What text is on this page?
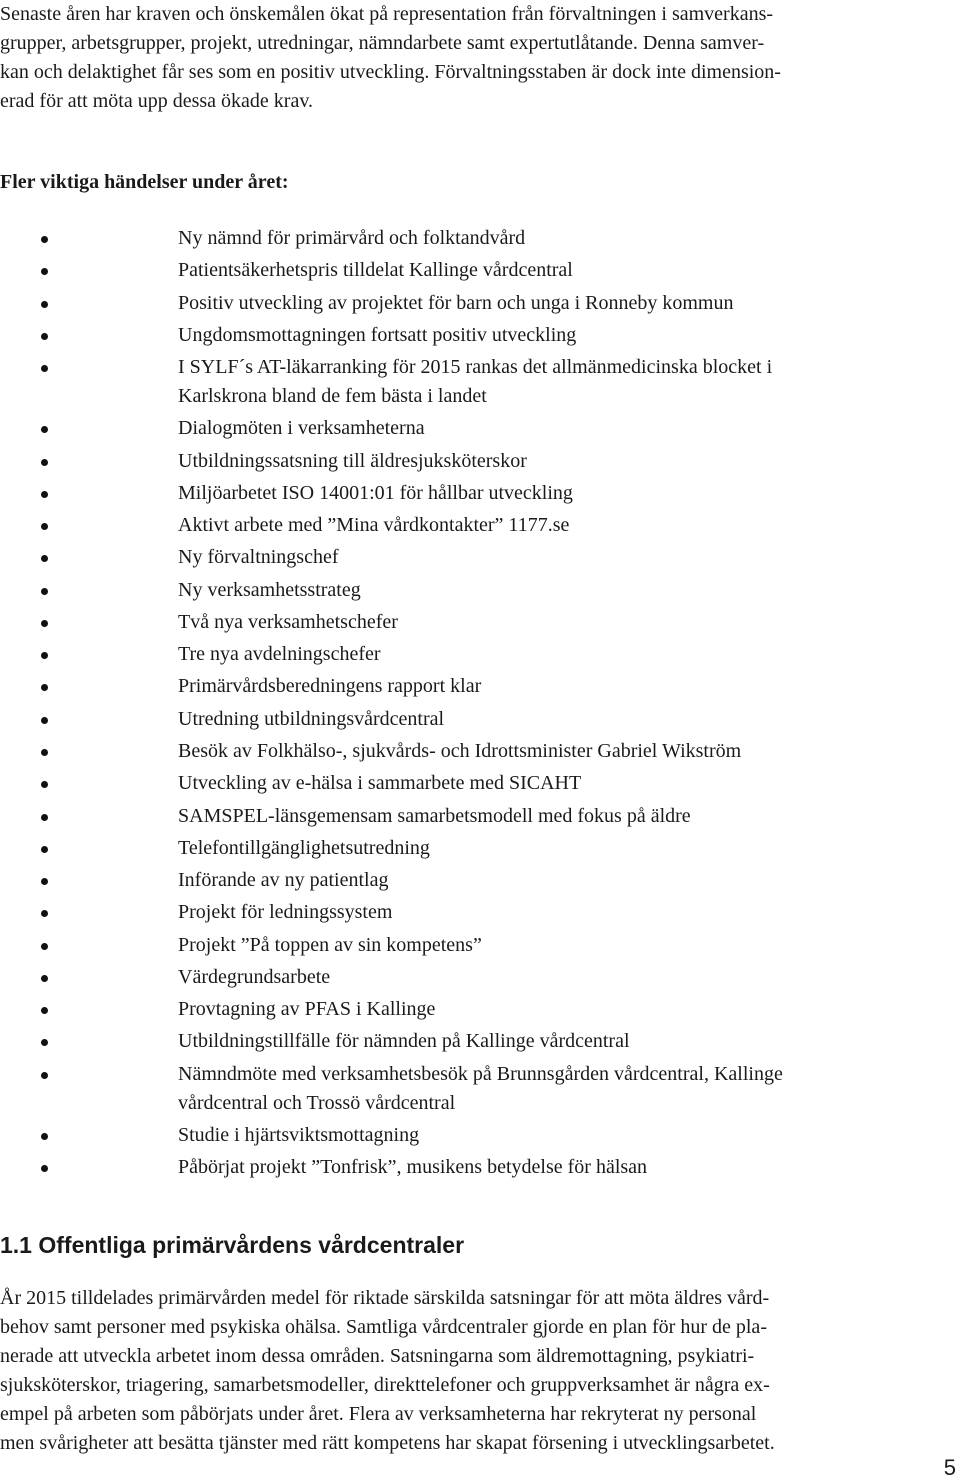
Senaste åren har kraven och önskemålen ökat på representation från förvaltningen i samverkans-
grupper, arbetsgrupper, projekt, utredningar, nämndarbete samt expertutlåtande. Denna samver-
kan och delaktighet får ses som en positiv utveckling. Förvaltningsstaben är dock inte dimension-
erad för att möta upp dessa ökade krav.

Fler viktiga händelser under året:

Ny nämnd för primärvård och folktandvård
Patientsäkerhetspris tilldelat Kallinge vårdcentral
Positiv utveckling av projektet för barn och unga i Ronneby kommun
Ungdomsmottagningen fortsatt positiv utveckling
I SYLF´s AT-läkarranking för 2015 rankas det allmänmedicinska blocket i
Karlskrona bland de fem bästa i landet
Dialogmöten i verksamheterna
Utbildningssatsning till äldresjuksköterskor
Miljöarbetet ISO 14001:01 för hållbar utveckling
Aktivt arbete med ”Mina vårdkontakter” 1177.se
Ny förvaltningschef
Ny verksamhetsstrateg
Två nya verksamhetschefer
Tre nya avdelningschefer
Primärvårdsberedningens rapport klar
Utredning utbildningsvårdcentral
Besök av Folkhälso-, sjukvårds- och Idrottsminister Gabriel Wikström
Utveckling av e-hälsa i sammarbete med SICAHT
SAMSPEL-länsgemensam samarbetsmodell med fokus på äldre
Telefontillgänglighetsutredning
Införande av ny patientlag
Projekt för ledningssystem
Projekt ”På toppen av sin kompetens”
Värdegrundsarbete
Provtagning av PFAS i Kallinge
Utbildningstillfälle för nämnden på Kallinge vårdcentral
Nämndmöte med verksamhetsbesök på Brunnsgården vårdcentral, Kallinge
vårdcentral och Trossö vårdcentral
Studie i hjärtsviktsmottagning
Påbörjat projekt ”Tonfrisk”, musikens betydelse för hälsan
1.1 Offentliga primärvårdens vårdcentraler

År 2015 tilldelades primärvården medel för riktade särskilda satsningar för att möta äldres vård-
behov samt personer med psykiska ohälsa. Samtliga vårdcentraler gjorde en plan för hur de pla-
nerade att utveckla arbetet inom dessa områden. Satsningarna som äldremottagning, psykiatri-
sjuksköterskor, triagering, samarbetsmodeller, direkttelefoner och gruppverksamhet är några ex-
empel på arbeten som påbörjats under året. Flera av verksamheterna har rekryterat ny personal
men svårigheter att besätta tjänster med rätt kompetens har skapat försening i utvecklingsarbetet.

5
